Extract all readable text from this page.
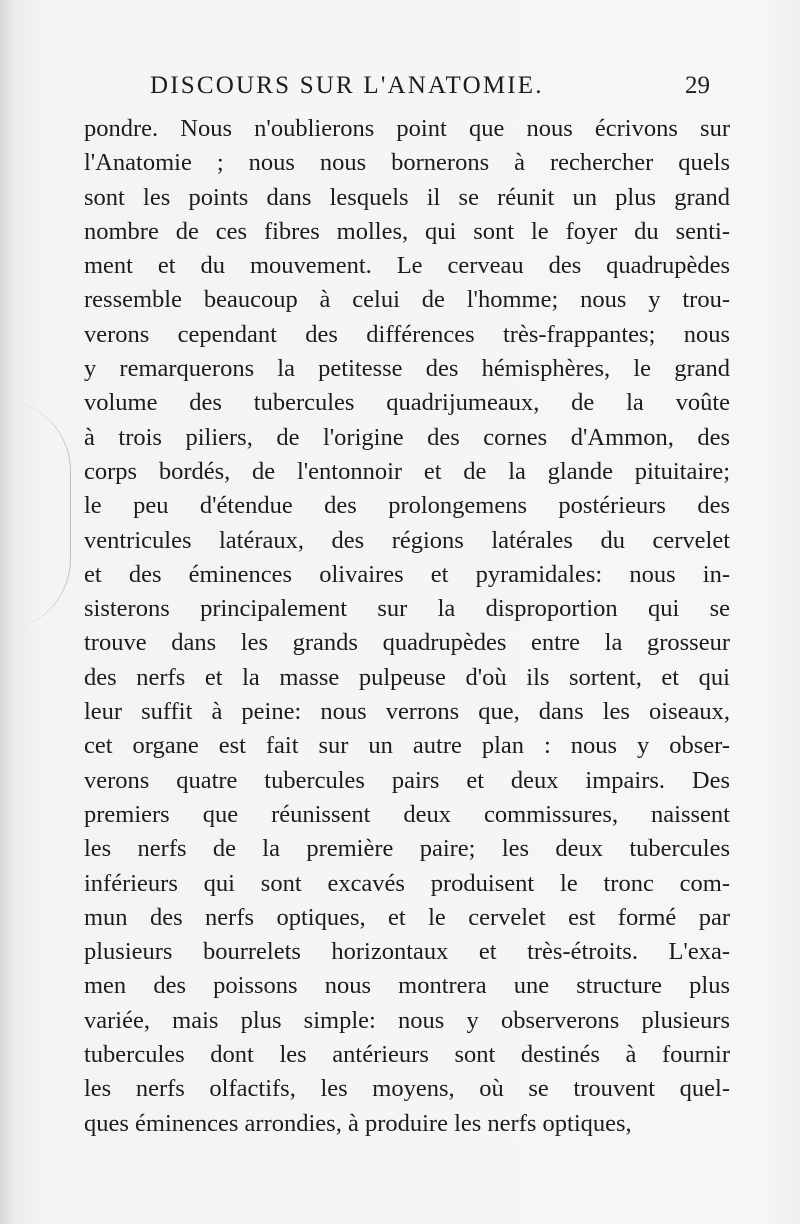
DISCOURS SUR L'ANATOMIE.	29
pondre. Nous n'oublierons point que nous écrivons sur
l'Anatomie ; nous nous bornerons à rechercher quels
sont les points dans lesquels il se réunit un plus grand
nombre de ces fibres molles, qui sont le foyer du senti-
ment et du mouvement. Le cerveau des quadrupèdes
ressemble beaucoup à celui de l'homme; nous y trou-
verons cependant des différences très-frappantes; nous
y remarquerons la petitesse des hémisphères, le grand
volume des tubercules quadrijumeaux, de la voûte
à trois piliers, de l'origine des cornes d'Ammon, des
corps bordés, de l'entonnoir et de la glande pituitaire;
le peu d'étendue des prolongemens postérieurs des
ventricules latéraux, des régions latérales du cervelet
et des éminences olivaires et pyramidales: nous in-
sisterons principalement sur la disproportion qui se
trouve dans les grands quadrupèdes entre la grosseur
des nerfs et la masse pulpeuse d'où ils sortent, et qui
leur suffit à peine: nous verrons que, dans les oiseaux,
cet organe est fait sur un autre plan : nous y obser-
verons quatre tubercules pairs et deux impairs. Des
premiers que réunissent deux commissures, naissent
les nerfs de la première paire; les deux tubercules
inférieurs qui sont excavés produisent le tronc com-
mun des nerfs optiques, et le cervelet est formé par
plusieurs bourrelets horizontaux et très-étroits. L'exa-
men des poissons nous montrera une structure plus
variée, mais plus simple: nous y observerons plusieurs
tubercules dont les antérieurs sont destinés à fournir
les nerfs olfactifs, les moyens, où se trouvent quel-
ques éminences arrondies, à produire les nerfs optiques,
